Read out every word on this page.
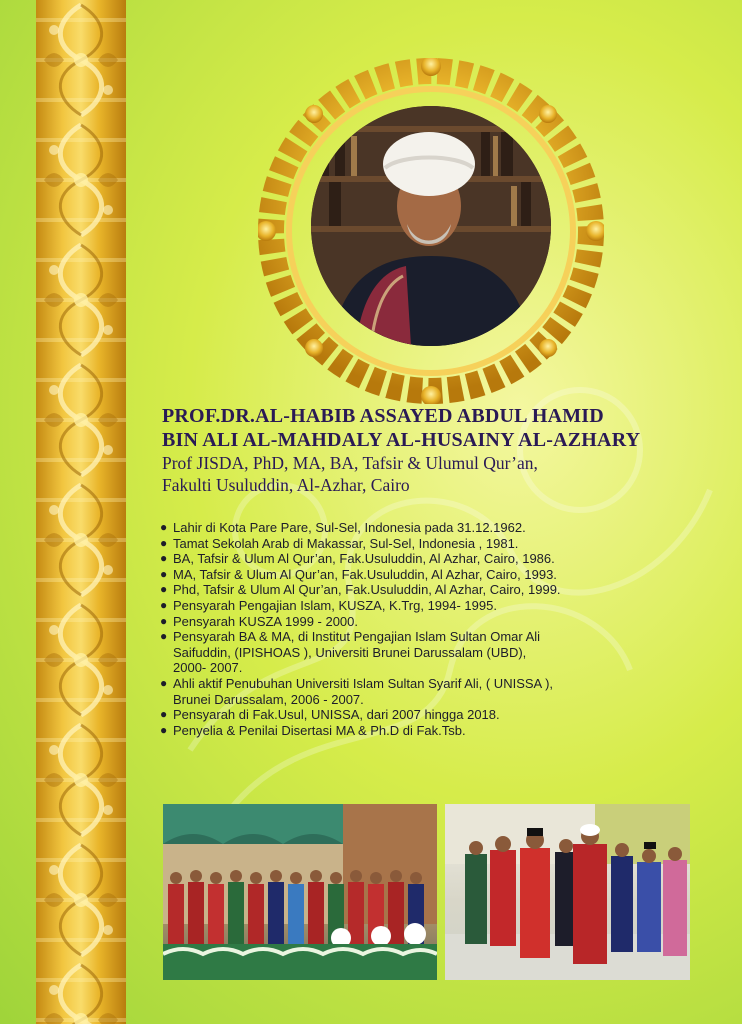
PROF.DR.AL-HABIB ASSAYED ABDUL HAMID

BIN ALI AL-MAHDALY AL-HUSAINY AL-AZHARY

Prof JISDA, PhD, MA, BA, Tafsir & Ulumul Qur’an,

Fakulti Usuluddin, Al-Azhar, Cairo

● Lahir di Kota Pare Pare, Sul-Sel, Indonesia pada 31.12.1962.
● Tamat Sekolah Arab di Makassar, Sul-Sel, Indonesia , 1981.
● BA, Tafsir & Ulum Al Qur’an, Fak.Usuluddin, Al Azhar, Cairo, 1986.
● MA, Tafsir & Ulum Al Qur’an, Fak.Usuluddin, Al Azhar, Cairo, 1993.
● Phd, Tafsir & Ulum Al Qur’an, Fak.Usuluddin, Al Azhar, Cairo, 1999.
● Pensyarah Pengajian Islam, KUSZA, K.Trg, 1994- 1995.
● Pensyarah KUSZA 1999 - 2000.
● Pensyarah BA & MA, di Institut Pengajian Islam Sultan Omar Ali
Saifuddin, (IPISHOAS ), Universiti Brunei Darussalam (UBD),
2000- 2007.
● Ahli aktif Penubuhan Universiti Islam Sultan Syarif Ali, ( UNISSA ),
Brunei Darussalam, 2006 - 2007.
● Pensyarah di Fak.Usul, UNISSA, dari 2007 hingga 2018.
● Penyelia & Penilai Disertasi MA & Ph.D di Fak.Tsb.
